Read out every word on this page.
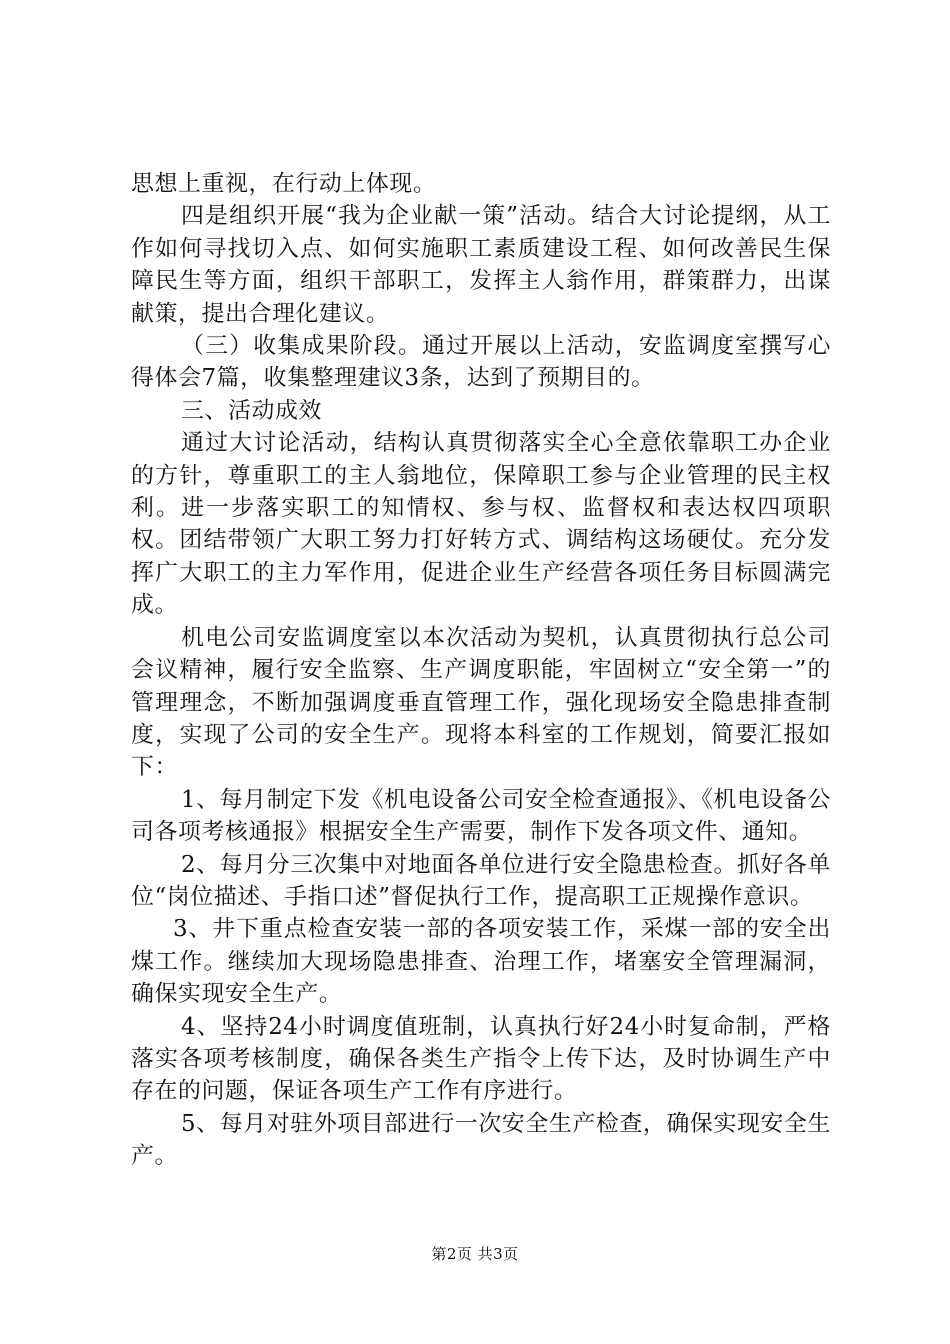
思想上重视，在行动上体现。

四是组织开展“我为企业献一策”活动。结合大讨论提纲，从工作如何寻找切入点、如何实施职工素质建设工程、如何改善民生保障民生等方面，组织干部职工，发挥主人翁作用，群策群力，出谋献策，提出合理化建议。

（三）收集成果阶段。通过开展以上活动，安监调度室撰写心得体会7篇，收集整理建议3条，达到了预期目的。

三、活动成效

通过大讨论活动，结构认真贯彻落实全心全意依靠职工办企业的方针，尊重职工的主人翁地位，保障职工参与企业管理的民主权利。进一步落实职工的知情权、参与权、监督权和表达权四项职权。团结带领广大职工努力打好转方式、调结构这场硬仗。充分发挥广大职工的主力军作用，促进企业生产经营各项任务目标圆满完成。

机电公司安监调度室以本次活动为契机，认真贯彻执行总公司会议精神，履行安全监察、生产调度职能，牢固树立“安全第一”的管理理念，不断加强调度垂直管理工作，强化现场安全隐患排查制度，实现了公司的安全生产。现将本科室的工作规划，简要汇报如下：

1、每月制定下发《机电设备公司安全检查通报》、《机电设备公司各项考核通报》根据安全生产需要，制作下发各项文件、通知。

2、每月分三次集中对地面各单位进行安全隐患检查。抓好各单位“岗位描述、手指口述”督促执行工作，提高职工正规操作意识。

3、井下重点检查安装一部的各项安装工作，采煤一部的安全出煤工作。继续加大现场隐患排查、治理工作，堵塞安全管理漏洞，确保实现安全生产。

4、坚持24小时调度值班制，认真执行好24小时复命制，严格落实各项考核制度，确保各类生产指令上传下达，及时协调生产中存在的问题，保证各项生产工作有序进行。

5、每月对驻外项目部进行一次安全生产检查，确保实现安全生产。

第2页 共3页
